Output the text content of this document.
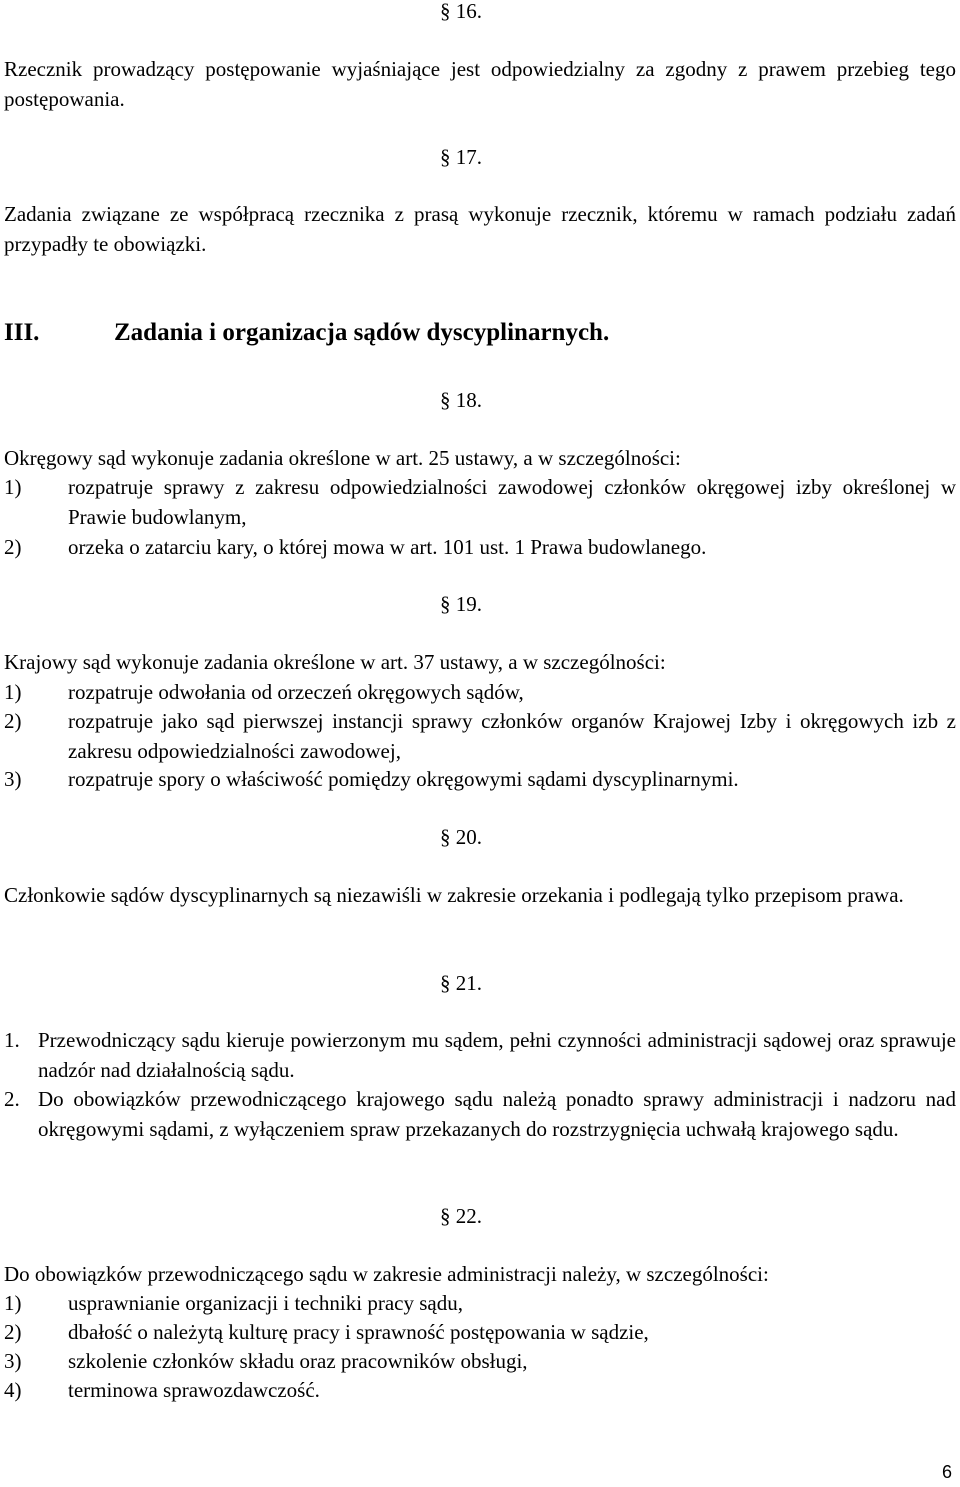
§ 16.
Rzecznik prowadzący postępowanie wyjaśniające jest odpowiedzialny za zgodny z prawem przebieg tego postępowania.
§ 17.
Zadania związane ze współpracą rzecznika z prasą wykonuje rzecznik, któremu w ramach podziału zadań przypadły te obowiązki.
III.	Zadania i organizacja sądów dyscyplinarnych.
§ 18.
Okręgowy sąd wykonuje zadania określone w art. 25 ustawy, a w szczególności:
1)	rozpatruje sprawy z zakresu odpowiedzialności zawodowej członków okręgowej izby określonej w Prawie budowlanym,
2)	orzeka o zatarciu kary, o której mowa w art. 101 ust. 1 Prawa budowlanego.
§ 19.
Krajowy sąd wykonuje zadania określone w art. 37 ustawy, a w szczególności:
1)	rozpatruje odwołania od orzeczeń okręgowych sądów,
2)	rozpatruje jako sąd pierwszej instancji sprawy członków organów Krajowej Izby i okręgowych izb z zakresu odpowiedzialności zawodowej,
3)	rozpatruje spory o właściwość pomiędzy okręgowymi sądami dyscyplinarnymi.
§ 20.
Członkowie sądów dyscyplinarnych są niezawiśli w zakresie orzekania i podlegają tylko przepisom prawa.
§ 21.
1. Przewodniczący sądu kieruje powierzonym mu sądem, pełni czynności administracji sądowej oraz sprawuje nadzór nad działalnością sądu.
2. Do obowiązków przewodniczącego krajowego sądu należą ponadto sprawy administracji i nadzoru nad okręgowymi sądami, z wyłączeniem spraw przekazanych do rozstrzygnięcia uchwałą krajowego sądu.
§ 22.
Do obowiązków przewodniczącego sądu w zakresie administracji należy, w szczególności:
1)	usprawnianie organizacji i techniki pracy sądu,
2)	dbałość o należytą kulturę pracy i sprawność postępowania w sądzie,
3)	szkolenie członków składu oraz pracowników obsługi,
4)	terminowa sprawozdawczość.
6
